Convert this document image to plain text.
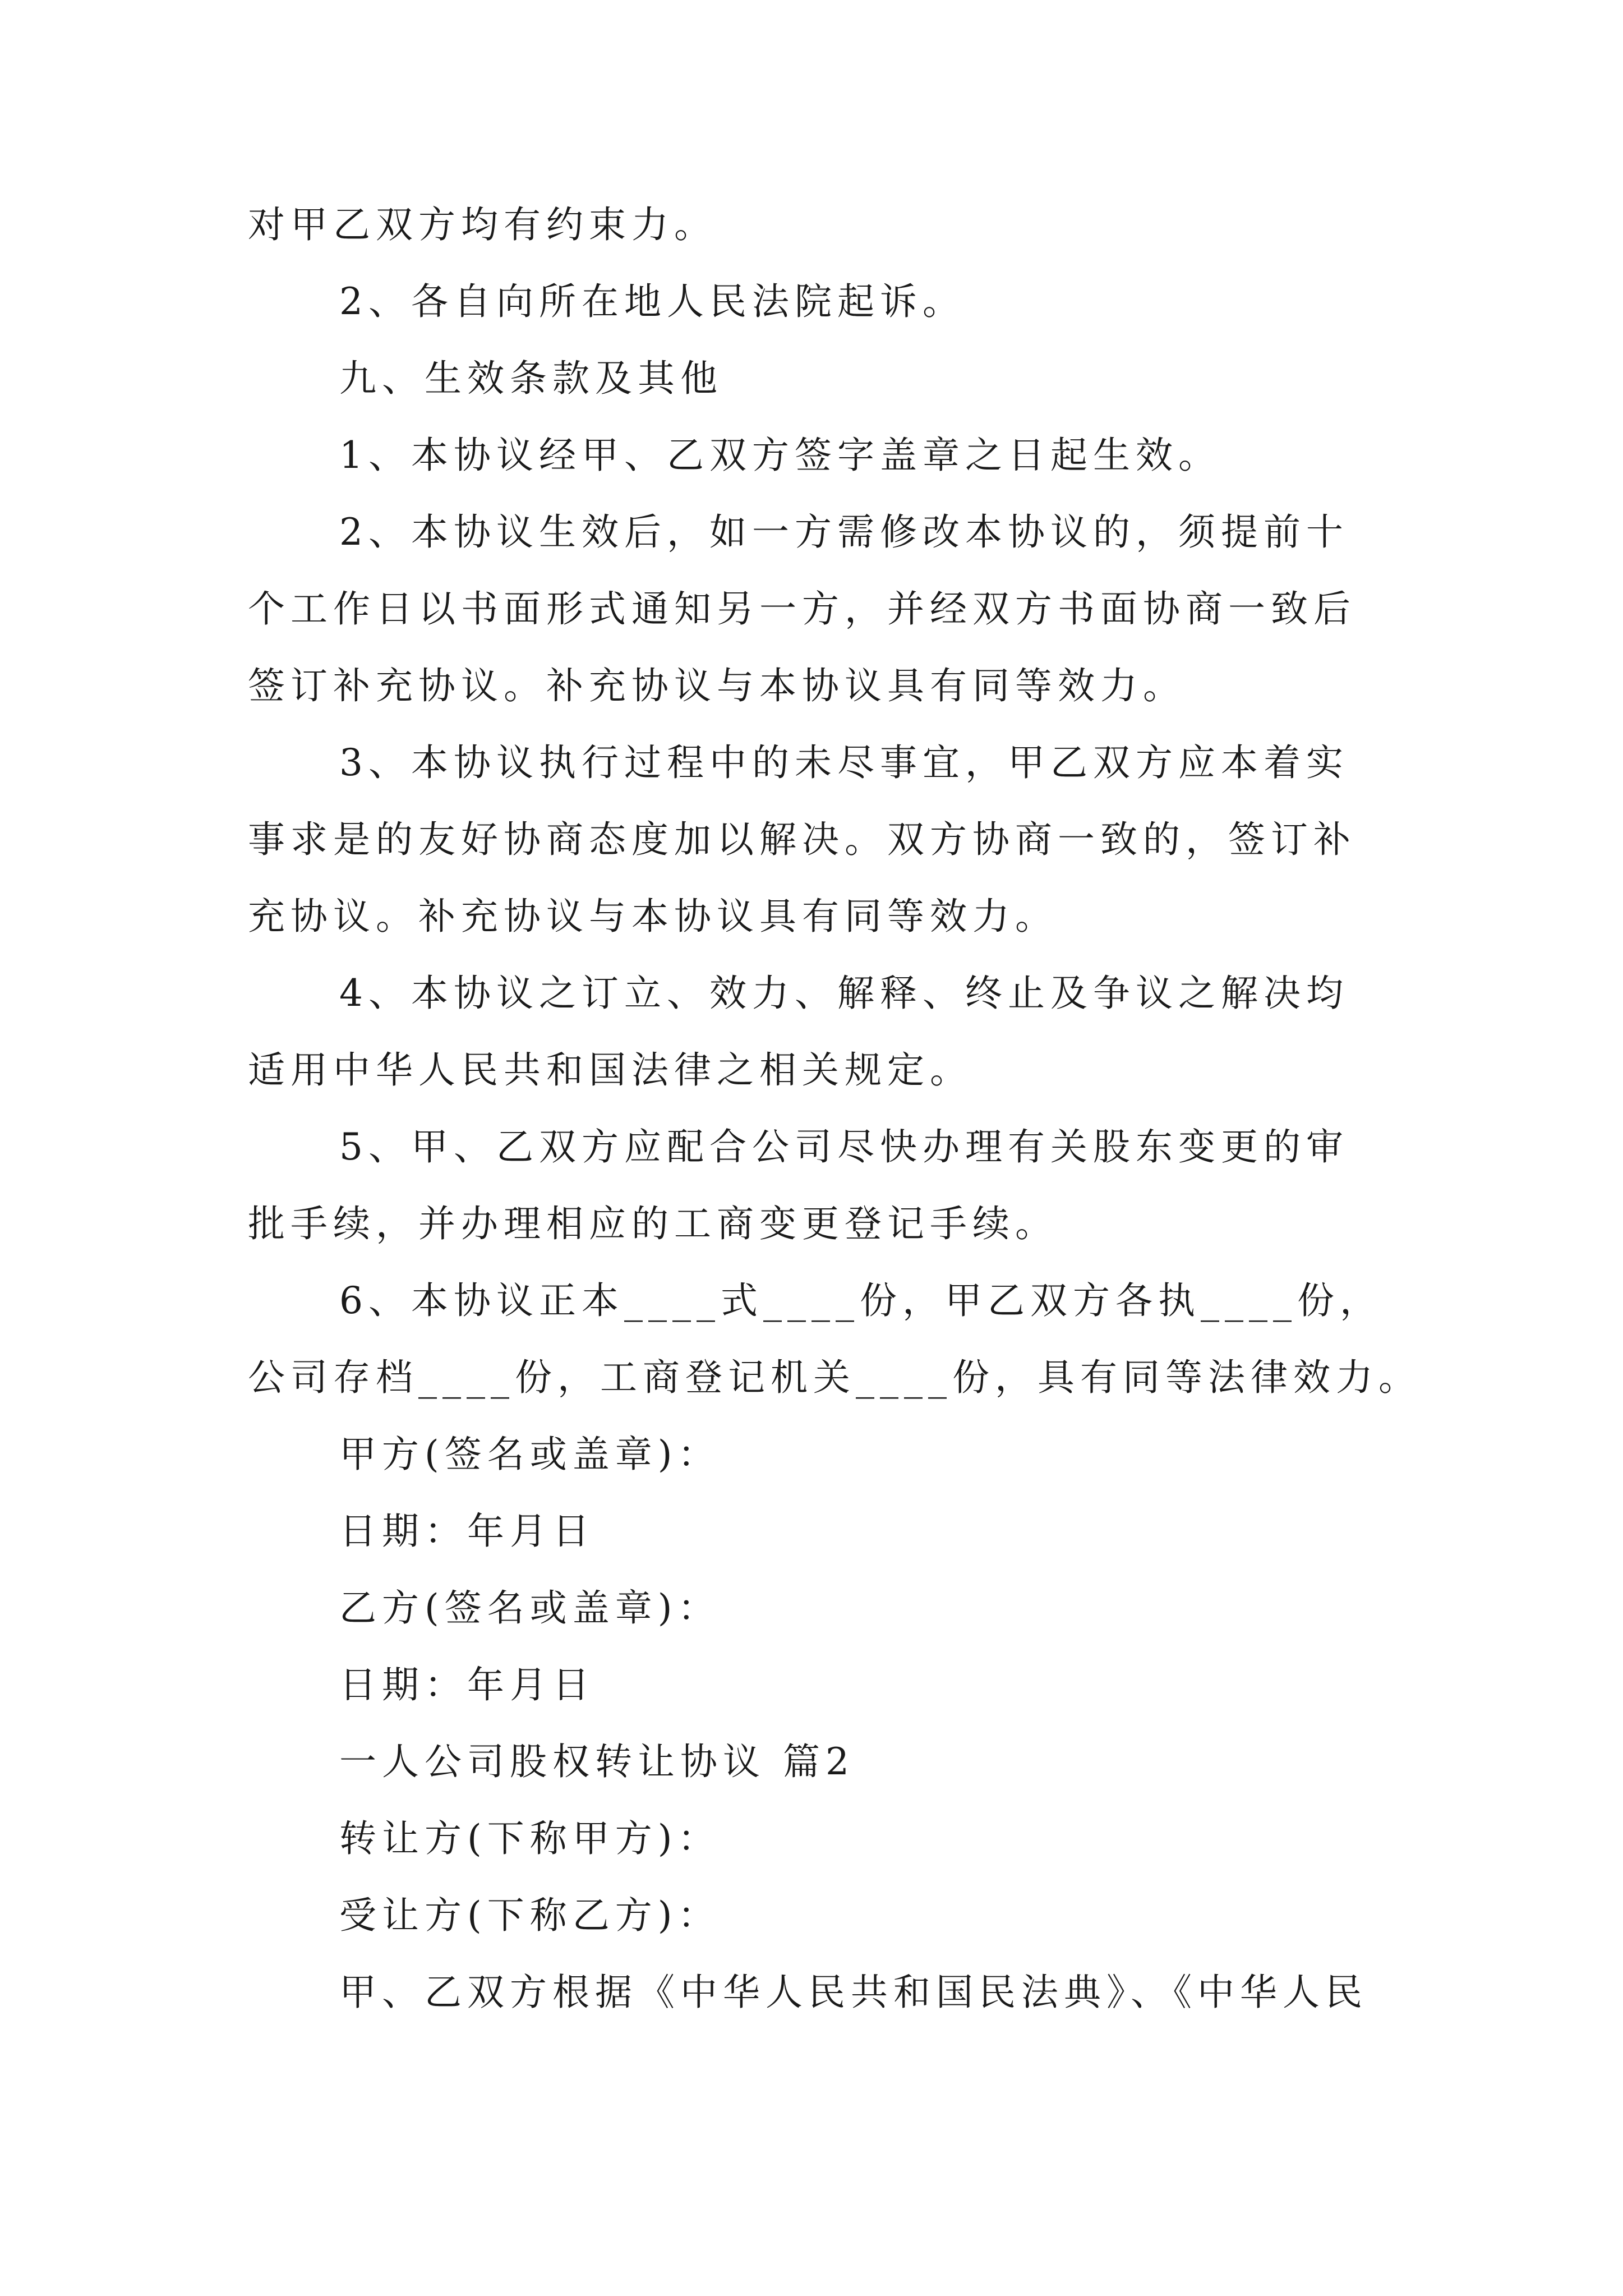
对甲乙双方均有约束力。
2、各自向所在地人民法院起诉。
九、生效条款及其他
1、本协议经甲、乙双方签字盖章之日起生效。
2、本协议生效后，如一方需修改本协议的，须提前十
个工作日以书面形式通知另一方，并经双方书面协商一致后
签订补充协议。补充协议与本协议具有同等效力。
3、本协议执行过程中的未尽事宜，甲乙双方应本着实
事求是的友好协商态度加以解决。双方协商一致的，签订补
充协议。补充协议与本协议具有同等效力。
4、本协议之订立、效力、解释、终止及争议之解决均
适用中华人民共和国法律之相关规定。
5、甲、乙双方应配合公司尽快办理有关股东变更的审
批手续，并办理相应的工商变更登记手续。
6、本协议正本____式____份，甲乙双方各执____份，
公司存档____份，工商登记机关____份，具有同等法律效力。
甲方(签名或盖章)：
日期：年月日
乙方(签名或盖章)：
日期：年月日
一人公司股权转让协议 篇2
转让方(下称甲方)：
受让方(下称乙方)：
甲、乙双方根据《中华人民共和国民法典》、《中华人民
